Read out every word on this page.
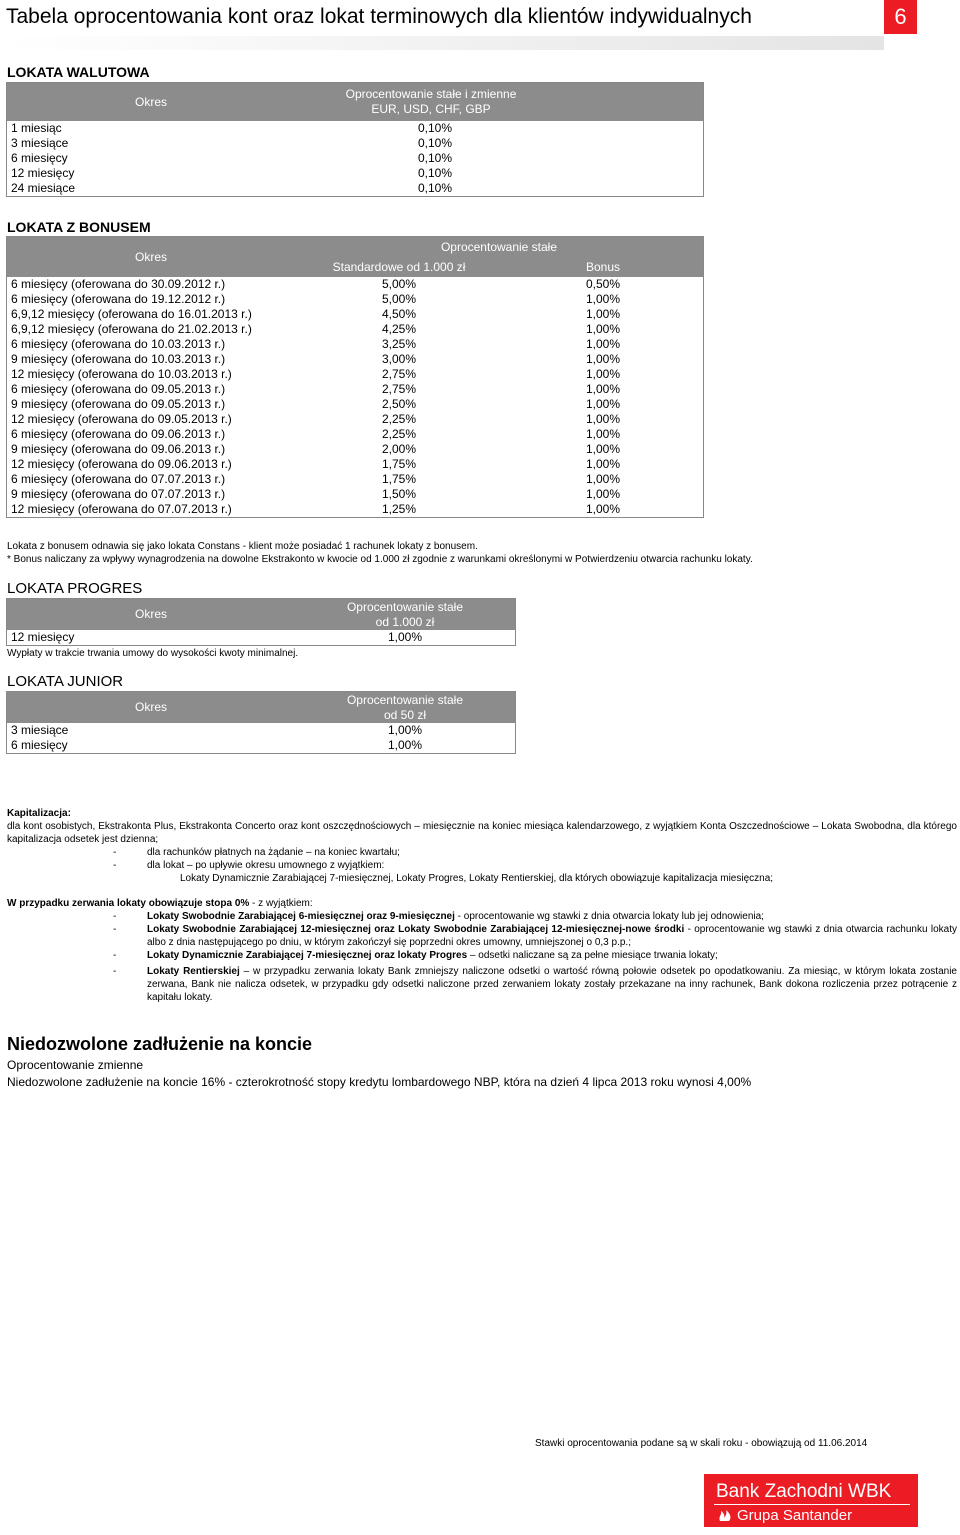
Tabela oprocentowania kont oraz lokat terminowych dla klientów indywidualnych	6
LOKATA WALUTOWA
Okres	Oprocentowanie stałe i zmienne
EUR, USD, CHF, GBP

1 miesiąc	0,10%
3 miesiące	0,10%
6 miesięcy	0,10%
12 miesięcy	0,10%
24 miesiące	0,10%
LOKATA Z BONUSEM
Okres	Oprocentowanie stałe	
	Standardowe od 1.000 zł	Bonus
6 miesięcy (oferowana do 30.09.2012 r.)	5,00%	0,50%
6 miesięcy (oferowana do 19.12.2012 r.)	5,00%	1,00%
6,9,12 miesięcy (oferowana do 16.01.2013 r.)	4,50%	1,00%
6,9,12 miesięcy (oferowana do 21.02.2013 r.)	4,25%	1,00%
6 miesięcy (oferowana do 10.03.2013 r.)	3,25%	1,00%
9 miesięcy (oferowana do 10.03.2013 r.)	3,00%	1,00%
12 miesięcy (oferowana do 10.03.2013 r.)	2,75%	1,00%
6 miesięcy (oferowana do 09.05.2013 r.)	2,75%	1,00%
9 miesięcy (oferowana do 09.05.2013 r.)	2,50%	1,00%
12 miesięcy (oferowana do 09.05.2013 r.)	2,25%	1,00%
6 miesięcy (oferowana do 09.06.2013 r.)	2,25%	1,00%
9 miesięcy (oferowana do 09.06.2013 r.)	2,00%	1,00%
12 miesięcy (oferowana do 09.06.2013 r.)	1,75%	1,00%
6 miesięcy (oferowana do 07.07.2013 r.)	1,75%	1,00%
9 miesięcy (oferowana do 07.07.2013 r.)	1,50%	1,00%
12 miesięcy (oferowana do 07.07.2013 r.)	1,25%	1,00%
Lokata z bonusem odnawia się jako lokata Constans - klient może posiadać 1 rachunek lokaty z bonusem.
* Bonus naliczany za wpływy wynagrodzenia na dowolne Ekstrakonto w kwocie od 1.000 zł zgodnie z warunkami określonymi w Potwierdzeniu otwarcia rachunku lokaty.
LOKATA PROGRES
Okres	Oprocentowanie stałe
od 1.000 zł

12 miesięcy	1,00%
Wypłaty w trakcie trwania umowy do wysokości kwoty minimalnej.
LOKATA JUNIOR
Okres	Oprocentowanie stałe
od 50 zł

3 miesiące	1,00%
6 miesięcy	1,00%
Kapitalizacja:
dla kont osobistych, Ekstrakonta Plus, Ekstrakonta Concerto oraz kont oszczędnościowych – miesięcznie na koniec miesiąca kalendarzowego, z wyjątkiem Konta Oszczednościowe – Lokata Swobodna, dla którego kapitalizacja odsetek jest dzienna;
-	dla rachunków płatnych na żądanie – na koniec kwartału;
-	dla lokat – po upływie okresu umownego z wyjątkiem:
Lokaty Dynamicznie Zarabiającej 7-miesięcznej, Lokaty Progres, Lokaty Rentierskiej, dla których obowiązuje kapitalizacja miesięczna;
W przypadku zerwania lokaty obowiązuje stopa 0% - z wyjątkiem:
-	Lokaty Swobodnie Zarabiającej 6-miesięcznej oraz 9-miesięcznej - oprocentowanie wg stawki z dnia otwarcia lokaty lub jej odnowienia;
-	Lokaty Swobodnie Zarabiającej 12-miesięcznej oraz Lokaty Swobodnie Zarabiającej 12-miesięcznej-nowe środki - oprocentowanie wg stawki z dnia otwarcia rachunku lokaty albo z dnia następującego po dniu, w którym zakończył się poprzedni okres umowny, umniejszonej o 0,3 p.p.;
-	Lokaty Dynamicznie Zarabiającej 7-miesięcznej oraz lokaty Progres – odsetki naliczane są za pełne miesiące trwania lokaty;
-	Lokaty Rentierskiej – w przypadku zerwania lokaty Bank zmniejszy naliczone odsetki o wartość równą połowie odsetek po opodatkowaniu. Za miesiąc, w którym lokata zostanie zerwana, Bank nie nalicza odsetek, w przypadku gdy odsetki naliczone przed zerwaniem lokaty zostały przekazane na inny rachunek, Bank dokona rozliczenia przez potrącenie z kapitału lokaty.
Niedozwolone zadłużenie na koncie
Oprocentowanie zmienne
Niedozwolone zadłużenie na koncie 16% - czterokrotność stopy kredytu lombardowego NBP, która na dzień 4 lipca 2013 roku wynosi 4,00%
Stawki oprocentowania podane są w skali roku - obowiązują od 11.06.2014
Bank Zachodni WBK
Grupa Santander
